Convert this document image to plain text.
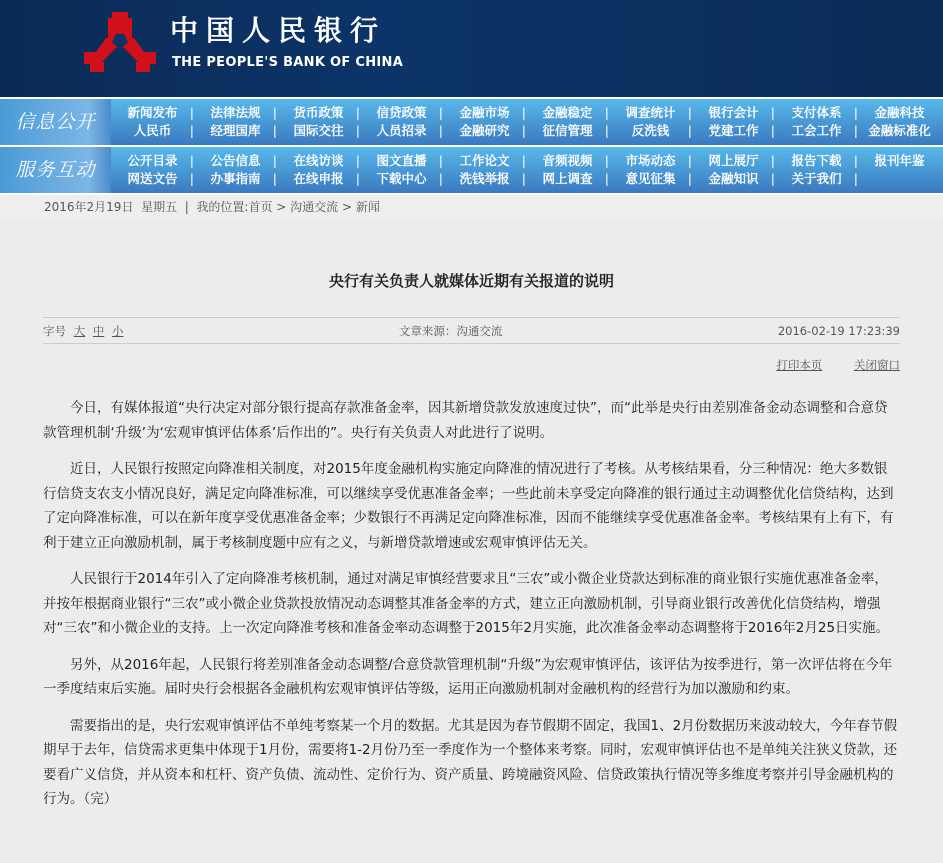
中国人民银行
THE PEOPLE'S BANK OF CHINA
信息公开	新闻发布 |	法律法规 |	货币政策 |	信贷政策 |	金融市场 |	金融稳定 |	调查统计 |	银行会计 |	支付体系 |	金融科技
人民币 |	经理国库 |	国际交往 |	人员招录 |	金融研究 |	征信管理 |	反洗钱 |	党建工作 |	工会工作 |	金融标准化
服务互动	公开目录 |	公告信息 |	在线访谈 |	图文直播 |	工作论文 |	音频视频 |	市场动态 |	网上展厅 |	报告下载 |	报刊年鉴
网送文告 |	办事指南 |	在线申报 |	下载中心 |	洗钱举报 |	网上调查 |	意见征集 |	金融知识 |	关于我们 |
2016年2月19日 星期五  |  我的位置:首页 > 沟通交流 > 新闻
央行有关负责人就媒体近期有关报道的说明
字号 大 中 小	文章来源：沟通交流	2016-02-19 17:23:39
打印本页	关闭窗口

今日，有媒体报道“央行决定对部分银行提高存款准备金率，因其新增贷款发放速度过快”，而“此举是央行由差别准备金动态调整和合意贷款管理机制‘升级’为‘宏观审慎评估体系’后作出的”。央行有关负责人对此进行了说明。

近日，人民银行按照定向降准相关制度，对2015年度金融机构实施定向降准的情况进行了考核。从考核结果看，分三种情况：绝大多数银行信贷支农支小情况良好，满足定向降准标准，可以继续享受优惠准备金率；一些此前未享受定向降准的银行通过主动调整优化信贷结构，达到了定向降准标准，可以在新年度享受优惠准备金率；少数银行不再满足定向降准标准，因而不能继续享受优惠准备金率。考核结果有上有下，有利于建立正向激励机制，属于考核制度题中应有之义，与新增贷款增速或宏观审慎评估无关。

人民银行于2014年引入了定向降准考核机制，通过对满足审慎经营要求且“三农”或小微企业贷款达到标准的商业银行实施优惠准备金率，并按年根据商业银行“三农”或小微企业贷款投放情况动态调整其准备金率的方式，建立正向激励机制，引导商业银行改善优化信贷结构，增强对“三农”和小微企业的支持。上一次定向降准考核和准备金率动态调整于2015年2月实施，此次准备金率动态调整将于2016年2月25日实施。

另外，从2016年起，人民银行将差别准备金动态调整/合意贷款管理机制“升级”为宏观审慎评估，该评估为按季进行，第一次评估将在今年一季度结束后实施。届时央行会根据各金融机构宏观审慎评估等级，运用正向激励机制对金融机构的经营行为加以激励和约束。

需要指出的是，央行宏观审慎评估不单纯考察某一个月的数据。尤其是因为春节假期不固定，我国1、2月份数据历来波动较大，今年春节假期早于去年，信贷需求更集中体现于1月份，需要将1-2月份乃至一季度作为一个整体来考察。同时，宏观审慎评估也不是单纯关注狭义贷款，还要看广义信贷，并从资本和杠杆、资产负债、流动性、定价行为、资产质量、跨境融资风险、信贷政策执行情况等多维度考察并引导金融机构的行为。（完）
